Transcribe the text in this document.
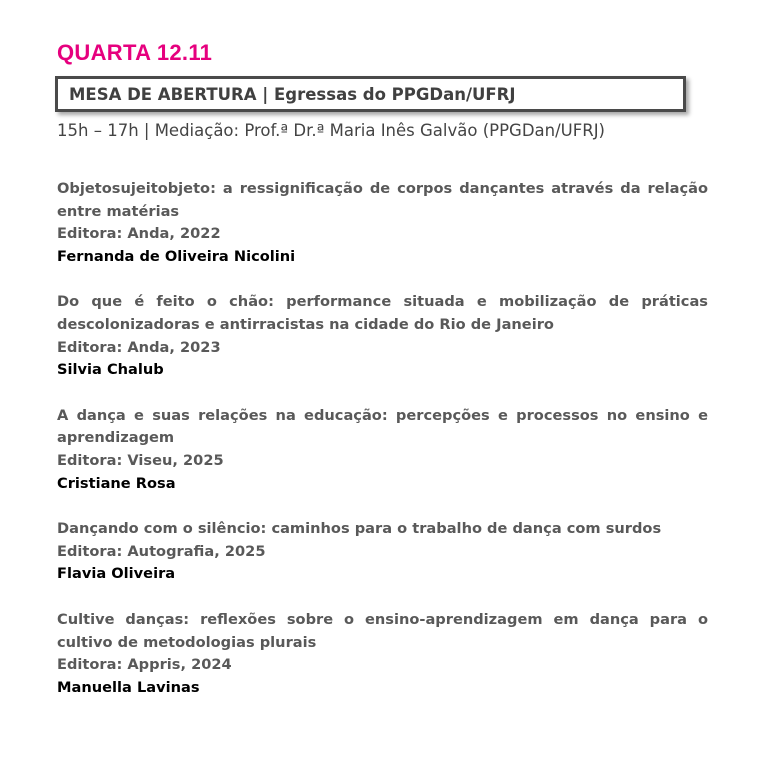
QUARTA 12.11
MESA DE ABERTURA | Egressas do PPGDan/UFRJ
15h – 17h | Mediação: Prof.ª Dr.ª Maria Inês Galvão (PPGDan/UFRJ)
Objetosujeitobjeto: a ressignificação de corpos dançantes através da relação entre matérias
Editora: Anda, 2022
Fernanda de Oliveira Nicolini
Do que é feito o chão: performance situada e mobilização de práticas descolonizadoras e antirracistas na cidade do Rio de Janeiro
Editora: Anda, 2023
Silvia Chalub
A dança e suas relações na educação: percepções e processos no ensino e aprendizagem
Editora: Viseu, 2025
Cristiane Rosa
Dançando com o silêncio: caminhos para o trabalho de dança com surdos
Editora: Autografia, 2025
Flavia Oliveira
Cultive danças: reflexões sobre o ensino-aprendizagem em dança para o cultivo de metodologias plurais
Editora: Appris, 2024
Manuella Lavinas
